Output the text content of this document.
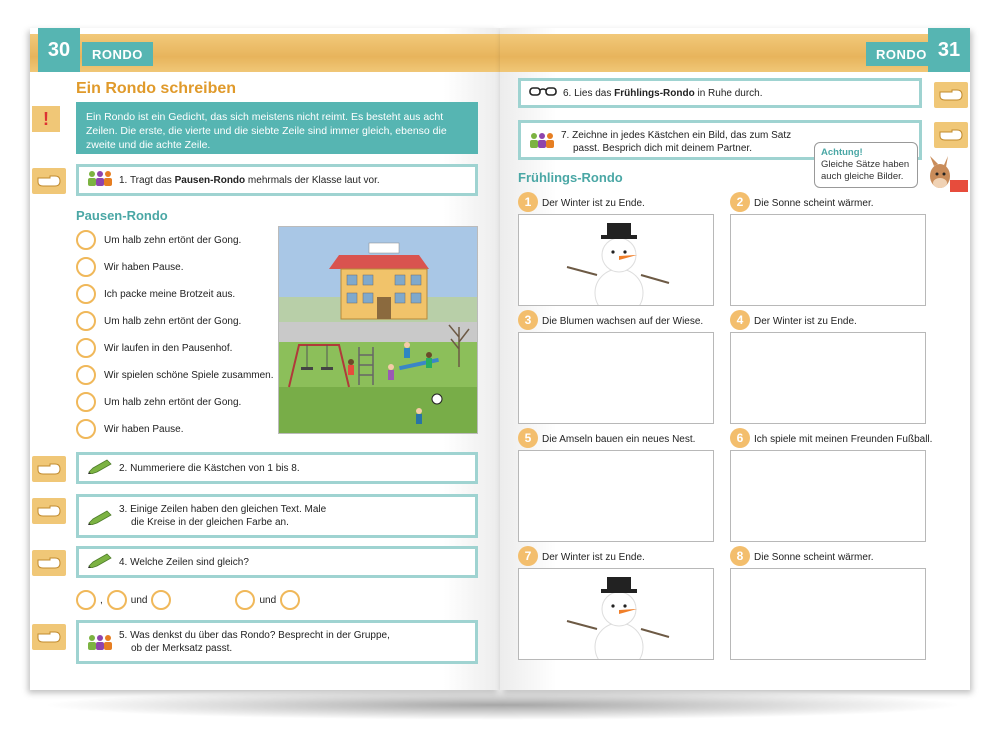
30	RONDO
Ein Rondo schreiben
!	Ein Rondo ist ein Gedicht, das sich meistens nicht reimt. Es besteht aus acht Zeilen. Die erste, die vierte und die siebte Zeile sind immer gleich, ebenso die zweite und die achte Zeile.
1. Tragt das Pausen-Rondo mehrmals der Klasse laut vor.
Pausen-Rondo
Um halb zehn ertönt der Gong.
Wir haben Pause.
Ich packe meine Brotzeit aus.
Um halb zehn ertönt der Gong.
Wir laufen in den Pausenhof.
Wir spielen schöne Spiele zusammen.
Um halb zehn ertönt der Gong.
Wir haben Pause.
2. Nummeriere die Kästchen von 1 bis 8.
3. Einige Zeilen haben den gleichen Text. Male
die Kreise in der gleichen Farbe an.
4. Welche Zeilen sind gleich?
,	und	und
5. Was denkst du über das Rondo? Besprecht in der Gruppe,
ob der Merksatz passt.
31
RONDO
6. Lies das Frühlings-Rondo in Ruhe durch.
7. Zeichne in jedes Kästchen ein Bild, das zum Satz
passt. Besprich dich mit deinem Partner.	Achtung!
Gleiche Sätze haben
auch gleiche Bilder.
Frühlings-Rondo
1	Der Winter ist zu Ende.	2	Die Sonne scheint wärmer.
3	Die Blumen wachsen auf der Wiese.	4	Der Winter ist zu Ende.
5	Die Amseln bauen ein neues Nest.	6	Ich spiele mit meinen Freunden Fußball.
7	Der Winter ist zu Ende.	8	Die Sonne scheint wärmer.
